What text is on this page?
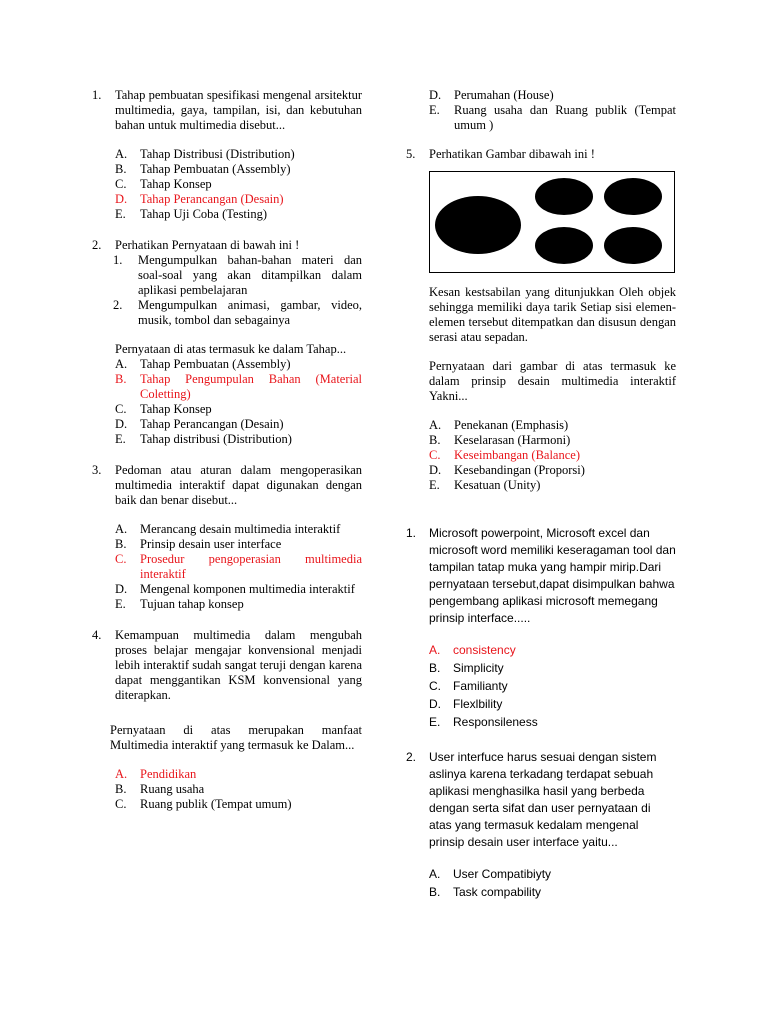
1. Tahap pembuatan spesifikasi mengenal arsitektur multimedia, gaya, tampilan, isi, dan kebutuhan bahan untuk multimedia disebut...
A. Tahap Distribusi (Distribution)
B. Tahap Pembuatan (Assembly)
C. Tahap Konsep
D. Tahap Perancangan (Desain)
E. Tahap Uji Coba (Testing)
2. Perhatikan Pernyataan di bawah ini !
1. Mengumpulkan bahan-bahan materi dan soal-soal yang akan ditampilkan dalam aplikasi pembelajaran
2. Mengumpulkan animasi, gambar, video, musik, tombol dan sebagainya
Pernyataan di atas termasuk ke dalam Tahap...
A. Tahap Pembuatan (Assembly)
B. Tahap Pengumpulan Bahan (Material Coletting)
C. Tahap Konsep
D. Tahap Perancangan (Desain)
E. Tahap distribusi (Distribution)
3. Pedoman atau aturan dalam mengoperasikan multimedia interaktif dapat digunakan dengan baik dan benar disebut...
A. Merancang desain multimedia interaktif
B. Prinsip desain user interface
C. Prosedur pengoperasian multimedia interaktif
D. Mengenal komponen multimedia interaktif
E. Tujuan tahap konsep
4. Kemampuan multimedia dalam mengubah proses belajar mengajar konvensional menjadi lebih interaktif sudah sangat teruji dengan karena dapat menggantikan KSM konvensional yang diterapkan.
Pernyataan di atas merupakan manfaat Multimedia interaktif yang termasuk ke Dalam...
A. Pendidikan
B. Ruang usaha
C. Ruang publik (Tempat umum)
D. Perumahan (House)
E. Ruang usaha dan Ruang publik (Tempat umum )
5. Perhatikan Gambar dibawah ini !
Kesan kestsabilan yang ditunjukkan Oleh objek sehingga memiliki daya tarik Setiap sisi elemen-elemen tersebut ditempatkan dan disusun dengan serasi atau sepadan.
Pernyataan dari gambar di atas termasuk ke dalam prinsip desain multimedia interaktif Yakni...
A. Penekanan (Emphasis)
B. Keselarasan (Harmoni)
C. Keseimbangan (Balance)
D. Kesebandingan (Proporsi)
E. Kesatuan (Unity)
1. Microsoft powerpoint, Microsoft excel dan microsoft word memiliki keseragaman tool dan tampilan tatap muka yang hampir mirip.Dari pernyataan tersebut,dapat disimpulkan bahwa pengembang aplikasi microsoft memegang prinsip interface.....
A. consistency
B. Simplicity
C. Familianty
D. Flexlbility
E. Responsileness
2. User interfuce harus sesuai dengan sistem aslinya karena terkadang terdapat sebuah aplikasi menghasilka hasil yang berbeda dengan serta sifat dan user pernyataan di atas yang termasuk kedalam mengenal prinsip desain user interface yaitu...
A. User Compatibiyty
B. Task compability
